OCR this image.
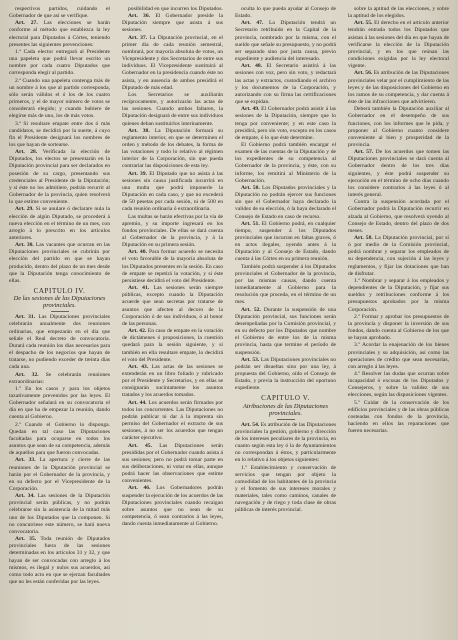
respectivos partidos, cuidando el Gobernador de que así se verifique.

Art. 27. Las elecciones se harán conforme al método que establezca la ley electoral para Diputados á Córtes, teniendo presentes las siguientes prevenciones:

1.ª Cada elector entregará al Presidente una papeleta que podrá llevar escrito un nombre por cada cuatro Diputados que corresponda elegir al partido.

2.ª Cuando una papeleta contenga más de un nombre á los que al partido corresponda, sólo serán válidos el ó los de los cuatro primeros, y el de mayor número de votos se considerará elegido; y cuando hubiere de elegirse más de uno, los de más votos.

3.ª Si resultare empate entre dos ó más candidatos, se decidirá por la suerte, á cuyo fin el Presidente designará los nombres de los que hayan de sortearse.

Art. 28. Verificada la elección de Diputados, los electos se presentarán en la Diputación provincial para ser declarados en posesión de su cargo, presentando sus credenciales al Presidente de la Diputación; y si éste no los admitiere, podrán recurrir al Gobernador de la provincia, quien resolverá lo que estime conveniente.

Art. 29. Si se anulare ó declarare nula la elección de algún Diputado, se procederá á nueva elección en el término de un mes, con arreglo á lo prescrito en los artículos anteriores.

Art. 30. Las vacantes que ocurran en las Diputaciones provinciales se cubrirán por elección del partido en que se hayan producido, dentro del plazo de un mes desde que la Diputación tenga conocimiento de ellas.

CAPITULO IV.
De las sesiones de las Diputaciones provinciales.

Art. 31. Las Diputaciones provinciales celebrarán anualmente dos reuniones ordinarias, que empezarán en el día que señale el Real decreto de convocatoria. Durará cada reunión los días necesarios para el despacho de los negocios que hayan de tratarse, no pudiendo exceder de treinta días cada una.

Art. 32. Se celebrarán reuniones extraordinarias:

1.º En los casos y para los objetos taxativamente prevenidos por las leyes. El Gobernador señalará en su convocatoria el día en que ha de empezar la reunión, dando cuenta al Gobierno.

2.º Cuando el Gobierno lo disponga. Quedan en tal caso las Diputaciones facultadas para ocuparse en todos los asuntos que sean de su competencia, además de aquellos para que fueron convocadas.

Art. 33. La apertura y cierre de las reuniones de la Diputación provincial se harán por el Gobernador de la provincia, y en su defecto por el Vicepresidente de la Corporación.

Art. 34. Las sesiones de la Diputación provincial serán públicas, y no podrán celebrarse sin la asistencia de la mitad más uno de los Diputados que la componen. Si no concurriese este número, se hará nueva convocatoria.

Art. 35. Toda reunión de Diputados provinciales fuera de las sesiones determinadas en los artículos 31 y 32, y que hayan de ser convocadas con arreglo á los mismos, es ilegal y nulos sus acuerdos, así como todo acto en que se ejerzan facultades que no les están conferidas por las leyes.

posibilidad en que incurren los Diputados.

Art. 36. El Gobernador preside la Diputación siempre que asista á sus sesiones.

Art. 37. La Diputación provincial, en el primer día de cada reunión semestral, nombrará, por mayoría absoluta de votos, un Vicepresidente y dos Secretarios de entre sus individuos. El Vicepresidente sustituirá al Gobernador en la presidencia cuando éste no asista, y en ausencia de ambos presidirá el Diputado de más edad.

Los Secretarios se auxiliarán recíprocamente, y autorizarán las actas de las sesiones. Cuando ambos faltaren, la Diputación designará de entre sus individuos quienes deban sustituirlos interinamente.

Art. 38. La Diputación formará su reglamento interior, en que se determinen el orden y método de los debates, la forma de las votaciones y todo lo relativo al régimen interior de la Corporación, sin que pueda contrariar las disposiciones de esta ley.

Art. 39. El Diputado que no asista á las sesiones sin causa justificada incurrirá en una multa que podrá imponerle la Diputación en cada caso, y que no excederá de 50 pesetas por cada sesión, ni de 500 en cada reunión ordinaria ó extraordinaria.

Las multas se harán efectivas por la vía de apremio, y su importe ingresará en los fondos provinciales. De ellas se dará cuenta al Gobernador de la provincia, y á la Diputación en su primera sesión.

Art. 40. Para formar acuerdo se necesita el voto favorable de la mayoría absoluta de los Diputados presentes en la sesión. En caso de empate se repetirá la votación, y si éste persistiese decidirá el voto del Presidente.

Art. 41. Las sesiones serán siempre públicas, excepto cuando la Diputación acuerde que sean secretas por tratarse de asuntos que afecten al decoro de la Corporación ó de sus individuos, ó al honor de las personas.

Art. 42. En caso de empate en la votación de dictámenes ó proposiciones, la cuestión quedará para la sesión siguiente, y si también en ella resultare empate, lo decidirá el voto del Presidente.

Art. 43. Las actas de las sesiones se extenderán en un libro foliado y rubricado por el Presidente y Secretarios, y en ellas se consignarán sucintamente los asuntos tratados y los acuerdos tomados.

Art. 44. Los acuerdos serán firmados por todos los concurrentes. Las Diputaciones no podrán publicar ni dar á la imprenta sin permiso del Gobernador el extracto de sus sesiones, á no ser los acuerdos que tengan carácter ejecutivo.

Art. 45. Las Diputaciones serán presididas por el Gobernador cuando asista á sus sesiones; pero no podrá tomar parte en sus deliberaciones, ni votar en ellas, aunque podrá hacer las observaciones que estime convenientes.

Art. 46. Los Gobernadores podrán suspender la ejecución de los acuerdos de las Diputaciones provinciales cuando recaigan sobre asuntos que no sean de su competencia, ó sean contrarios á las leyes, dando cuenta inmediatamente al Gobierno.

oculta lo que pueda ayudar al Consejo de Estado.

Art. 47. La Diputación tendrá un Secretario retribuido en la Capital de la provincia, nombrado por la misma, con el sueldo que señale su presupuesto, y no podrá ser separado sino por justa causa, previo expediente y audiencia del interesado.

Art. 48. El Secretario asistirá á las sesiones con voz, pero sin voto, y redactará las actas y extractos, custodiando el archivo y los documentos de la Corporación, y autorizando con su firma las certificaciones que se expidan.

Art. 49. El Gobernador podrá asistir á las sesiones de la Diputación, siempre que lo tenga por conveniente; y en este caso la presidirá, pero sin voto, excepto en los casos de empate, ó lo que éste determine.

El Gobierno podrá también encargar el examen de las cuentas de la Diputación y de los expedientes de su competencia al Gobernador de la provincia, y éste, con su informe, los remitirá al Ministerio de la Gobernación.

Art. 50. Los Diputados provinciales y la Diputación no podrán ejercer sus funciones sin que el Gobernador haya declarado la validez de su elección, ó la haya declarado el Consejo de Estado en caso de recurso.

Art. 51. El Gobierno podrá, en cualquier tiempo, suspender á los Diputados provinciales que incurran en faltas graves, ó en actos ilegales, oyendo antes á la Diputación y al Consejo de Estado, dando cuenta á las Córtes en su primera reunión.

También podrá suspender á los Diputados provinciales el Gobernador de la provincia, por las mismas causas, dando cuenta inmediatamente al Gobierno para la resolución que proceda, en el término de un mes.

Art. 52. Durante la suspensión de una Diputación provincial, sus funciones serán desempeñadas por la Comisión provincial, y en su defecto por los Diputados que nombre el Gobierno de entre los de la misma provincia, hasta que termine el período de suspensión.

Art. 53. Las Diputaciones provinciales no podrán ser disueltas sino por una ley, á propuesta del Gobierno, oído el Consejo de Estado, y previa la instrucción del oportuno expediente.

CAPITULO V.
Atribuciones de las Diputaciones provinciales.

Art. 54. Es atribución de las Diputaciones provinciales la gestión, gobierno y dirección de los intereses peculiares de la provincia, en cuanto según esta ley ó la de Ayuntamientos no correspondan á éstos, y particularmente en lo relativo á los objetos siguientes:

1.º Establecimiento y conservación de servicios que tengan por objeto la comodidad de los habitantes de la provincia y el fomento de sus intereses morales y materiales, tales como caminos, canales de navegación y de riego y toda clase de obras públicas de interés provincial.

sobre la aptitud de las elecciones, y sobre la aptitud de los elegidos.

Art. 55. El derecho en el artículo anterior tendrán entrada todos los Diputados que asistan á las sesiones del día en que hayan de verificarse la elección de la Diputación provincial, y en los que reúnan las condiciones exigidas por la ley electoral vigente.

Art. 56. Es atribución de las Diputaciones provinciales velar por el cumplimiento de las leyes y de las disposiciones del Gobierno en los ramos de su competencia, y dar cuenta á éste de las infracciones que advirtieren.

Deberá también la Diputación auxiliar al Gobernador en el desempeño de sus funciones, con los informes que le pida, y proponer al Gobierno cuanto considere conveniente al bien y prosperidad de la provincia.

Art. 57. De los acuerdos que tomen las Diputaciones provinciales se dará cuenta al Gobernador dentro de los tres días siguientes, y éste podrá suspender su ejecución en el término de ocho días cuando los considere contrarios á las leyes ó al interés general.

Contra la suspensión acordada por el Gobernador podrá la Diputación recurrir en alzada al Gobierno, que resolverá oyendo al Consejo de Estado, dentro del plazo de dos meses.

Art. 58. La Diputación provincial, por sí ó por medio de la Comisión provincial, podrá nombrar y separar los empleados de su dependencia, con sujeción á las leyes y reglamentos, y fijar las dotaciones que han de disfrutar.

1.º Nombrar y separar á los empleados y dependientes de la Diputación, y fijar sus sueldos y retribuciones conforme á los presupuestos aprobados por la misma Corporación.

2.º Formar y aprobar los presupuestos de la provincia y disponer la inversión de sus fondos, dando cuenta al Gobierno de los que se hayan aprobado.

3.º Acordar la enajenación de los bienes provinciales y su adquisición, así como las operaciones de crédito que sean necesarias, con arreglo á las leyes.

4.º Resolver las dudas que ocurran sobre incapacidad ó excusas de los Diputados y Consejeros, y sobre la validez de sus elecciones, según las disposiciones vigentes.

5.º Cuidar de la conservación de los edificios provinciales y de las obras públicas costeadas con fondos de la provincia, haciendo en ellos las reparaciones que fueren necesarias.
